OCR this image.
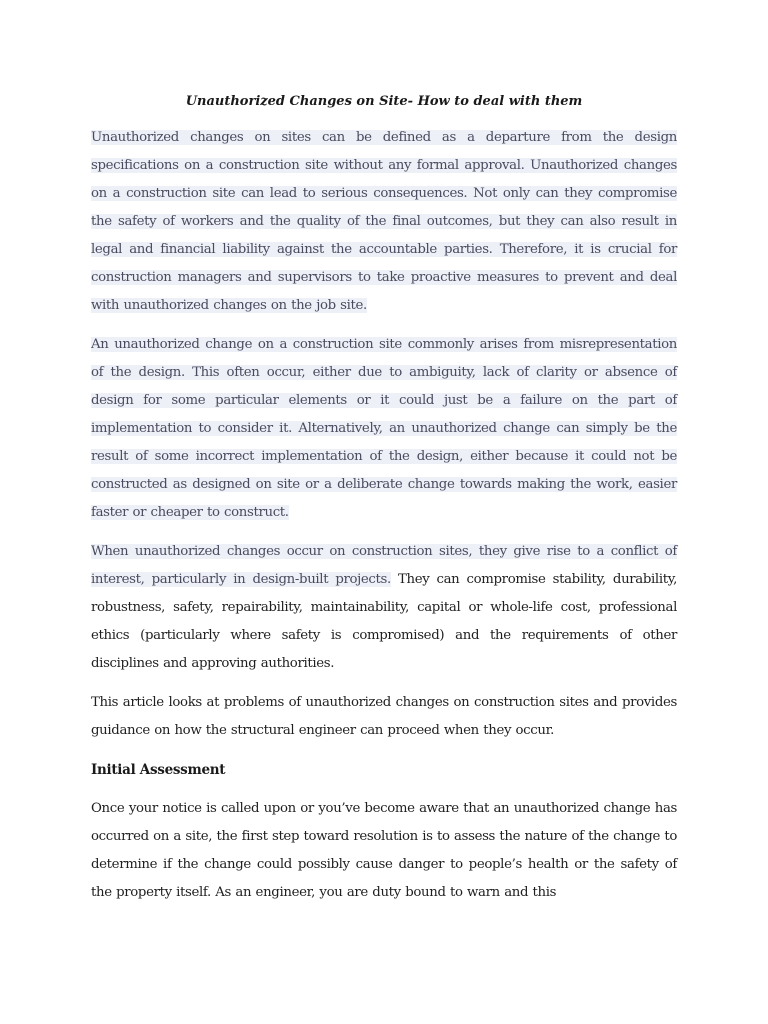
Unauthorized Changes on Site- How to deal with them

Unauthorized changes on sites can be defined as a departure from the design specifications on a construction site without any formal approval. Unauthorized changes on a construction site can lead to serious consequences. Not only can they compromise the safety of workers and the quality of the final outcomes, but they can also result in legal and financial liability against the accountable parties. Therefore, it is crucial for construction managers and supervisors to take proactive measures to prevent and deal with unauthorized changes on the job site.

An unauthorized change on a construction site commonly arises from misrepresentation of the design. This often occur, either due to ambiguity, lack of clarity or absence of design for some particular elements or it could just be a failure on the part of implementation to consider it. Alternatively, an unauthorized change can simply be the result of some incorrect implementation of the design, either because it could not be constructed as designed on site or a deliberate change towards making the work, easier faster or cheaper to construct.

When unauthorized changes occur on construction sites, they give rise to a conflict of interest, particularly in design-built projects. They can compromise stability, durability, robustness, safety, repairability, maintainability, capital or whole-life cost, professional ethics (particularly where safety is compromised) and the requirements of other disciplines and approving authorities.

This article looks at problems of unauthorized changes on construction sites and provides guidance on how the structural engineer can proceed when they occur.

Initial Assessment

Once your notice is called upon or you’ve become aware that an unauthorized change has occurred on a site, the first step toward resolution is to assess the nature of the change to determine if the change could possibly cause danger to people’s health or the safety of the property itself. As an engineer, you are duty bound to warn and this
